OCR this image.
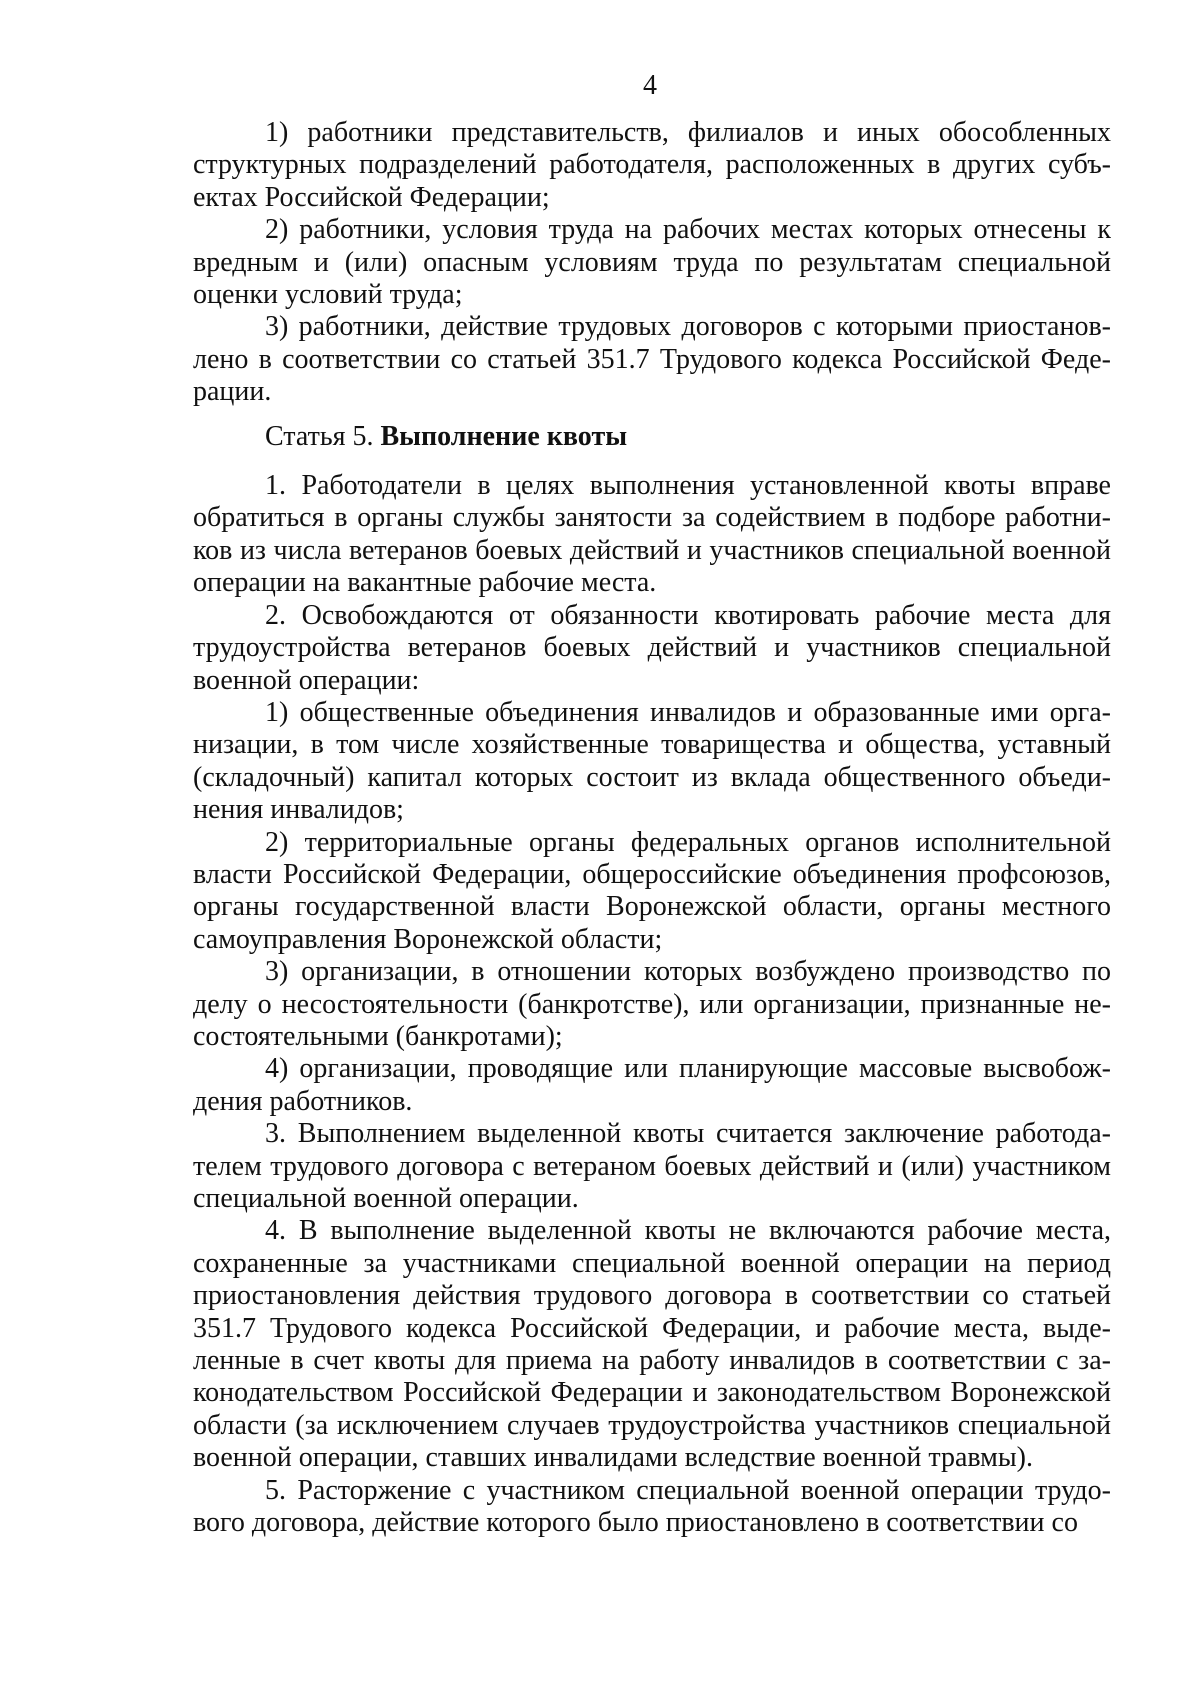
4

1) работники представительств, филиалов и иных обособленных структурных подразделений работодателя, расположенных в других субъектах Российской Федерации;

2) работники, условия труда на рабочих местах которых отнесены к вредным и (или) опасным условиям труда по результатам специальной оценки условий труда;

3) работники, действие трудовых договоров с которыми приостановлено в соответствии со статьей 351.7 Трудового кодекса Российской Федерации.

Статья 5. Выполнение квоты

1. Работодатели в целях выполнения установленной квоты вправе обратиться в органы службы занятости за содействием в подборе работников из числа ветеранов боевых действий и участников специальной военной операции на вакантные рабочие места.

2. Освобождаются от обязанности квотировать рабочие места для трудоустройства ветеранов боевых действий и участников специальной военной операции:

1) общественные объединения инвалидов и образованные ими организации, в том числе хозяйственные товарищества и общества, уставный (складочный) капитал которых состоит из вклада общественного объединения инвалидов;

2) территориальные органы федеральных органов исполнительной власти Российской Федерации, общероссийские объединения профсоюзов, органы государственной власти Воронежской области, органы местного самоуправления Воронежской области;

3) организации, в отношении которых возбуждено производство по делу о несостоятельности (банкротстве), или организации, признанные несостоятельными (банкротами);

4) организации, проводящие или планирующие массовые высвобождения работников.

3. Выполнением выделенной квоты считается заключение работодателем трудового договора с ветераном боевых действий и (или) участником специальной военной операции.

4. В выполнение выделенной квоты не включаются рабочие места, сохраненные за участниками специальной военной операции на период приостановления действия трудового договора в соответствии со статьей 351.7 Трудового кодекса Российской Федерации, и рабочие места, выделенные в счет квоты для приема на работу инвалидов в соответствии с законодательством Российской Федерации и законодательством Воронежской области (за исключением случаев трудоустройства участников специальной военной операции, ставших инвалидами вследствие военной травмы).

5. Расторжение с участником специальной военной операции трудового договора, действие которого было приостановлено в соответствии со
